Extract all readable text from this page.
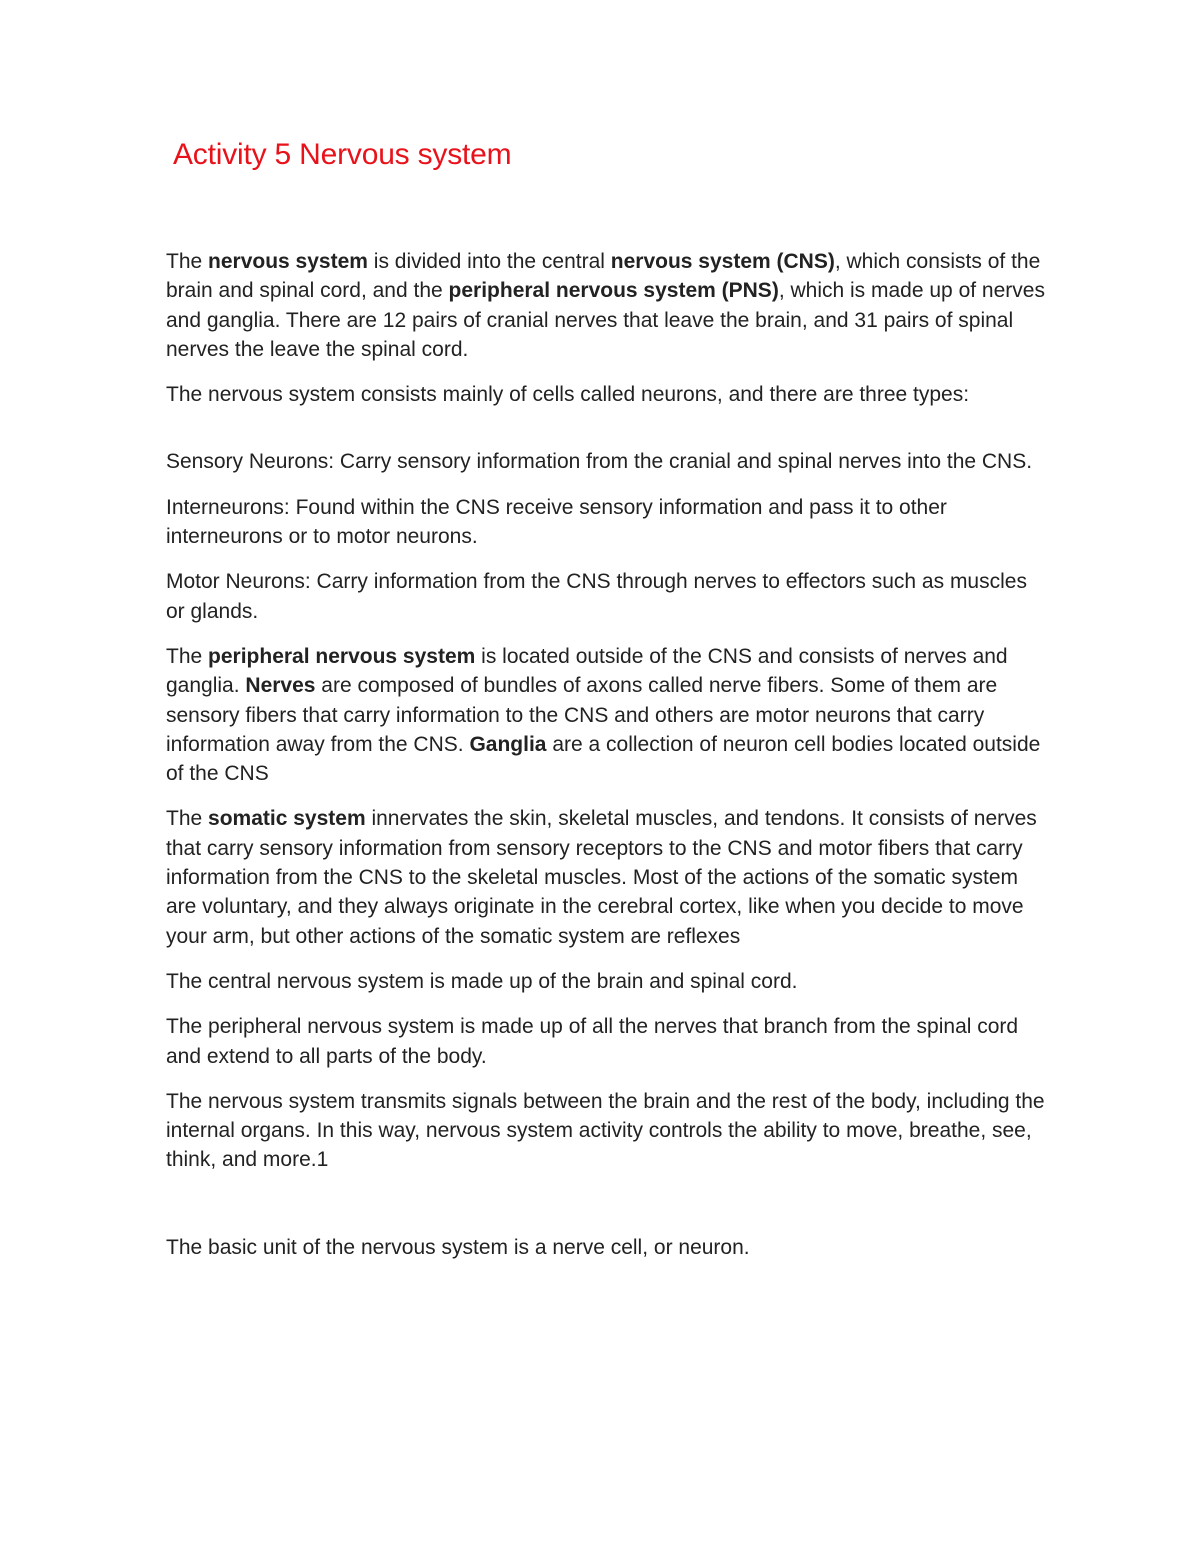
Activity 5 Nervous system

The nervous system is divided into the central nervous system (CNS), which consists of the brain and spinal cord, and the peripheral nervous system (PNS), which is made up of nerves and ganglia. There are 12 pairs of cranial nerves that leave the brain, and 31 pairs of spinal nerves the leave the spinal cord.

The nervous system consists mainly of cells called neurons, and there are three types:

Sensory Neurons: Carry sensory information from the cranial and spinal nerves into the CNS.

Interneurons: Found within the CNS receive sensory information and pass it to other interneurons or to motor neurons.

Motor Neurons: Carry information from the CNS through nerves to effectors such as muscles or glands.

The peripheral nervous system is located outside of the CNS and consists of nerves and ganglia. Nerves are composed of bundles of axons called nerve fibers. Some of them are sensory fibers that carry information to the CNS and others are motor neurons that carry information away from the CNS. Ganglia are a collection of neuron cell bodies located outside of the CNS

The somatic system innervates the skin, skeletal muscles, and tendons. It consists of nerves that carry sensory information from sensory receptors to the CNS and motor fibers that carry information from the CNS to the skeletal muscles. Most of the actions of the somatic system are voluntary, and they always originate in the cerebral cortex, like when you decide to move your arm, but other actions of the somatic system are reflexes

The central nervous system is made up of the brain and spinal cord.

The peripheral nervous system is made up of all the nerves that branch from the spinal cord and extend to all parts of the body.

The nervous system transmits signals between the brain and the rest of the body, including the internal organs. In this way, nervous system activity controls the ability to move, breathe, see, think, and more.1

The basic unit of the nervous system is a nerve cell, or neuron.
